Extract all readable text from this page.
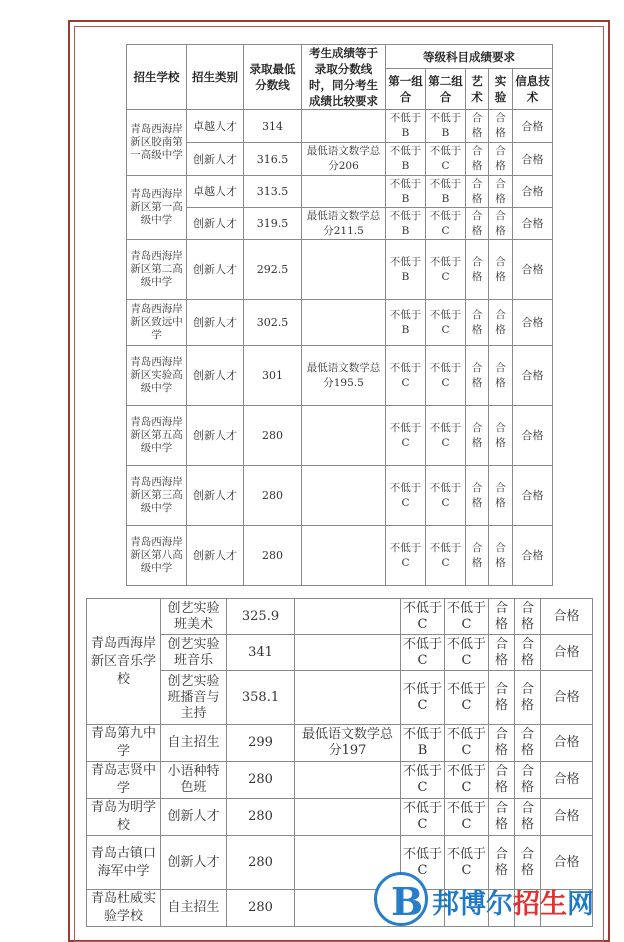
招生学校	招生类别	录取最低分数线	考生成绩等于录取分数线时，同分考生成绩比较要求	等级科目成绩要求				
				第一组合	第二组合	艺术	实验	信息技术
青岛西海岸新区胶南第一高级中学	卓越人才	314		不低于B	不低于B	合格	合格	合格
	创新人才	316.5	最低语文数学总分206	不低于B	不低于C	合格	合格	合格
青岛西海岸新区第一高级中学	卓越人才	313.5		不低于B	不低于B	合格	合格	合格
	创新人才	319.5	最低语文数学总分211.5	不低于B	不低于C	合格	合格	合格
青岛西海岸新区第二高级中学	创新人才	292.5		不低于B	不低于C	合格	合格	合格
青岛西海岸新区致远中学	创新人才	302.5		不低于B	不低于C	合格	合格	合格
青岛西海岸新区实验高级中学	创新人才	301	最低语文数学总分195.5	不低于C	不低于C	合格	合格	合格
青岛西海岸新区第五高级中学	创新人才	280		不低于C	不低于C	合格	合格	合格
青岛西海岸新区第三高级中学	创新人才	280		不低于C	不低于C	合格	合格	合格
青岛西海岸新区第八高级中学	创新人才	280		不低于C	不低于C	合格	合格	合格
青岛西海岸新区音乐学校	创艺实验班美术	325.9		不低于C	不低于C	合格	合格	合格
	创艺实验班音乐	341		不低于C	不低于C	合格	合格	合格
	创艺实验班播音与主持	358.1		不低于C	不低于C	合格	合格	合格
青岛第九中学	自主招生	299	最低语文数学总分197	不低于B	不低于C	合格	合格	合格
青岛志贤中学	小语种特色班	280		不低于C	不低于C	合格	合格	合格
青岛为明学校	创新人才	280		不低于C	不低于C	合格	合格	合格
青岛古镇口海军中学	创新人才	280		不低于C	不低于C	合格	合格	合格
青岛杜威实验学校	自主招生	280							B 邦博尔招生网
